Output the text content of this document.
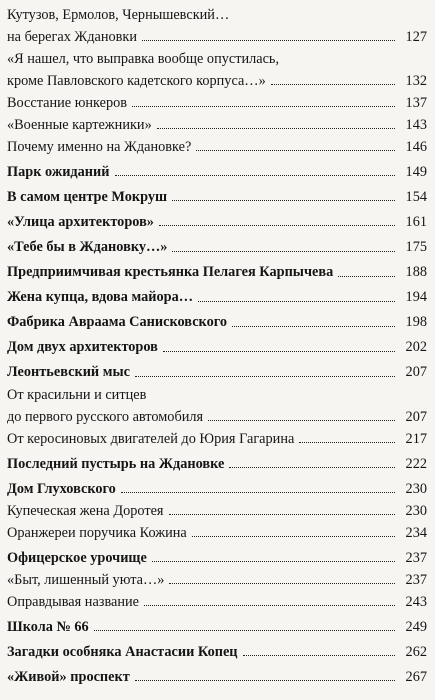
Кутузов, Ермолов, Чернышевский…
на берегах Ждановки	127
«Я нашел, что выправка вообще опустилась,
кроме Павловского кадетского корпуса…»	132
Восстание юнкеров	137
«Военные картежники»	143
Почему именно на Ждановке?	146
Парк ожиданий	149
В самом центре Мокруш	154
«Улица архитекторов»	161
«Тебе бы в Ждановку…»	175
Предприимчивая крестьянка Пелагея Карпычева	188
Жена купца, вдова майора…	194
Фабрика Авраама Санисковского	198
Дом двух архитекторов	202
Леонтьевский мыс	207
От красильни и ситцев
до первого русского автомобиля	207
От керосиновых двигателей до Юрия Гагарина	217
Последний пустырь на Ждановке	222
Дом Глуховского	230
Купеческая жена Доротея	230
Оранжереи поручика Кожина	234
Офицерское урочище	237
«Быт, лишенный уюта…»	237
Оправдывая название	243
Школа № 66	249
Загадки особняка Анастасии Копец	262
«Живой» проспект	267
